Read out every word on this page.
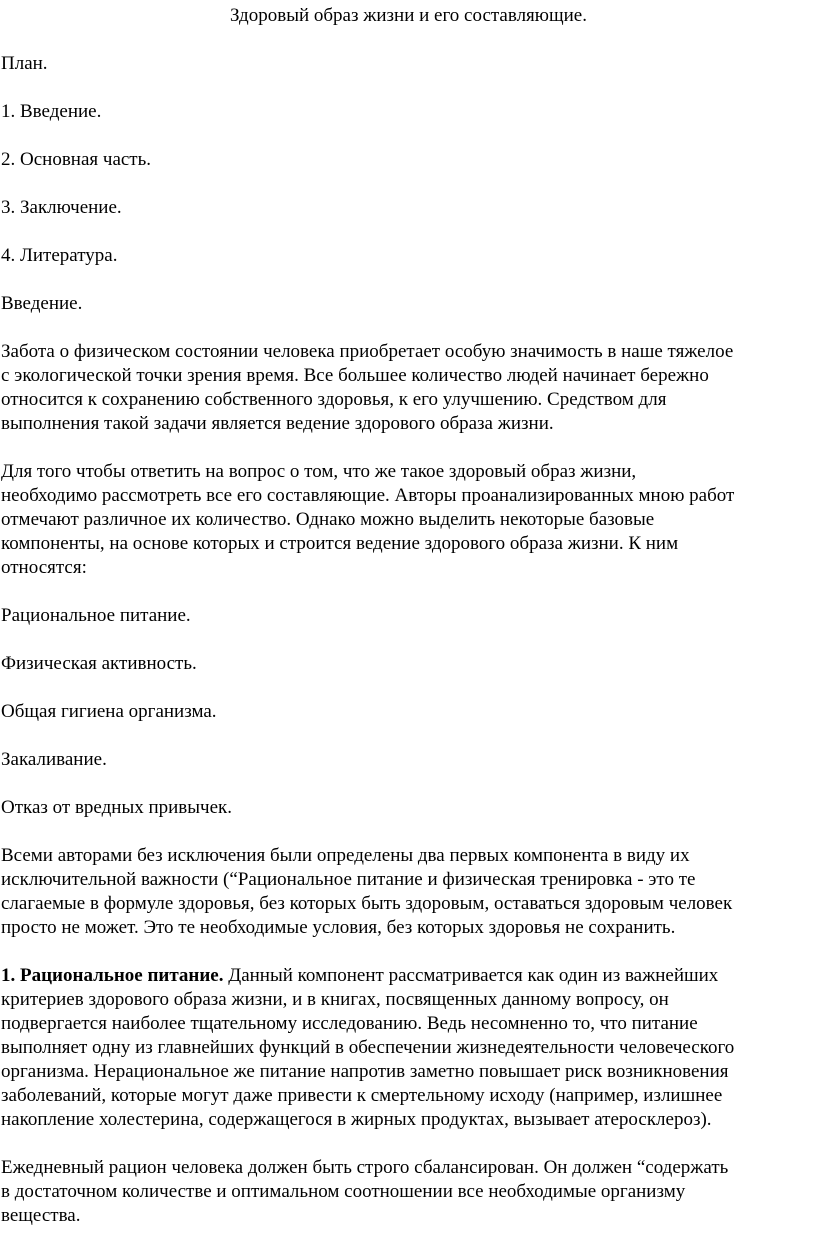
Здоровый образ жизни и его составляющие.

План.

1. Введение.

2. Основная часть.

3. Заключение.

4. Литература.

Введение.

Забота о физическом состоянии человека приобретает особую значимость в наше тяжелое
с экологической точки зрения время. Все большее количество людей начинает бережно
относится к сохранению собственного здоровья, к его улучшению. Средством для
выполнения такой задачи является ведение здорового образа жизни.

Для того чтобы ответить на вопрос о том, что же такое здоровый образ жизни,
необходимо рассмотреть все его составляющие. Авторы проанализированных мною работ
отмечают различное их количество. Однако можно выделить некоторые базовые
компоненты, на основе которых и строится ведение здорового образа жизни. К ним
относятся:

Рациональное питание.

Физическая активность.

Общая гигиена организма.

Закаливание.

Отказ от вредных привычек.

Всеми авторами без исключения были определены два первых компонента в виду их
исключительной важности (“Рациональное питание и физическая тренировка - это те
слагаемые в формуле здоровья, без которых быть здоровым, оставаться здоровым человек
просто не может. Это те необходимые условия, без которых здоровья не сохранить.

1. Рациональное питание. Данный компонент рассматривается как один из важнейших
критериев здорового образа жизни, и в книгах, посвященных данному вопросу, он
подвергается наиболее тщательному исследованию. Ведь несомненно то, что питание
выполняет одну из главнейших функций в обеспечении жизнедеятельности человеческого
организма. Нерациональное же питание напротив заметно повышает риск возникновения
заболеваний, которые могут даже привести к смертельному исходу (например, излишнее
накопление холестерина, содержащегося в жирных продуктах, вызывает атеросклероз).

Ежедневный рацион человека должен быть строго сбалансирован. Он должен “содержать
в достаточном количестве и оптимальном соотношении все необходимые организму
вещества.
